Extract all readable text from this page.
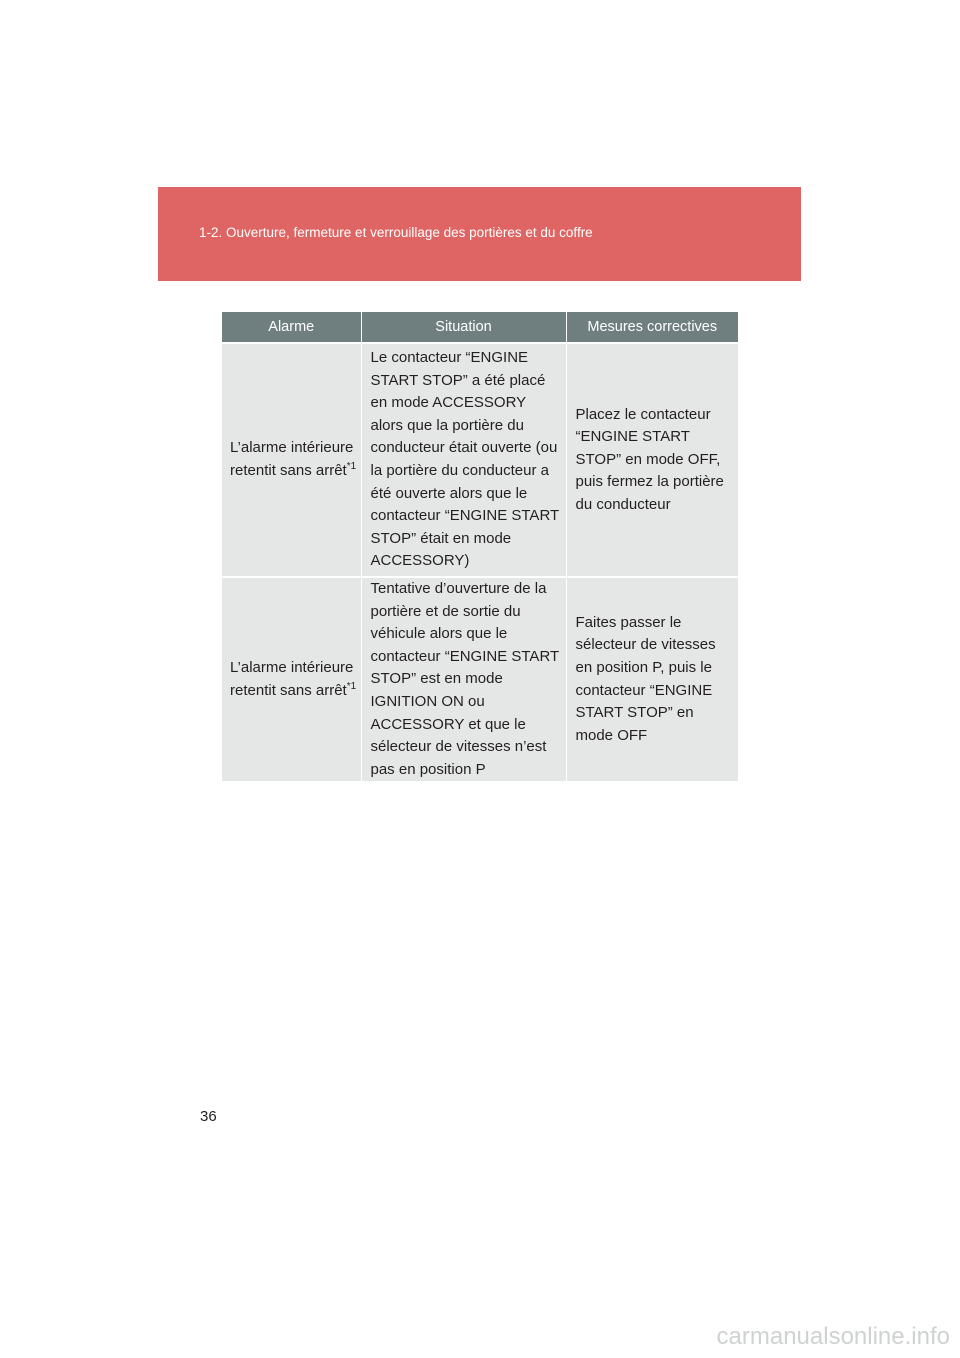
1-2. Ouverture, fermeture et verrouillage des portières et du coffre
Alarme	Situation	Mesures correctives

L’alarme intérieure retentit sans arrêt$^{*1}$	Le contacteur “ENGINE START STOP” a été placé en mode ACCESSORY alors que la portière du conducteur était ouverte (ou la portière du conducteur a été ouverte alors que le contacteur “ENGINE START STOP” était en mode ACCESSORY)	Placez le contacteur “ENGINE START STOP” en mode OFF, puis fermez la portière du conducteur

L’alarme intérieure retentit sans arrêt$^{*1}$	Tentative d’ouverture de la portière et de sortie du véhicule alors que le contacteur “ENGINE START STOP” est en mode IGNITION ON ou ACCESSORY et que le sélecteur de vitesses n’est pas en position P	Faites passer le sélecteur de vitesses en position P, puis le contacteur “ENGINE START STOP” en mode OFF
36
carmanualsonline.info
